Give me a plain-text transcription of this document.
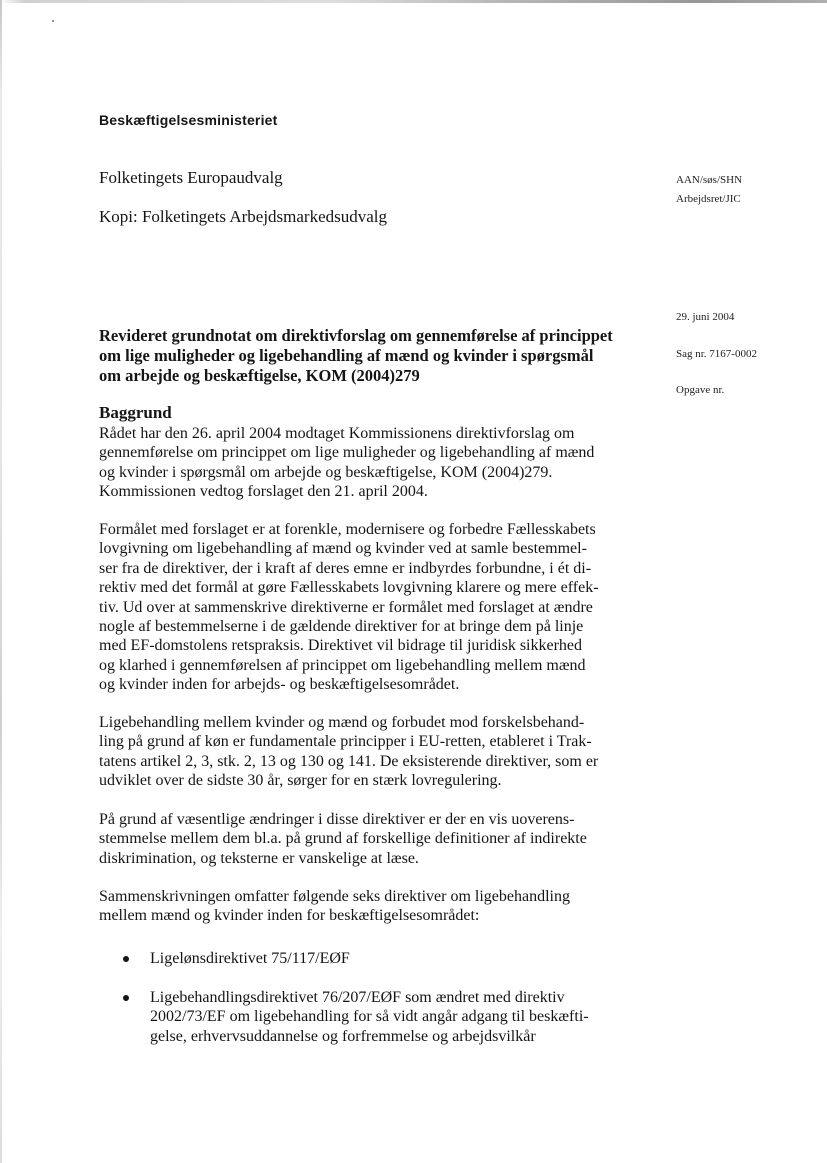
Beskæftigelsesministeriet
Folketingets Europaudvalg
Kopi: Folketingets Arbejdsmarkedsudvalg
AAN/søs/SHN
Arbejdsret/JIC
29. juni 2004
Sag nr. 7167-0002
Opgave nr.
Revideret grundnotat om direktivforslag om gennemførelse af princippet
om lige muligheder og ligebehandling af mænd og kvinder i spørgsmål
om arbejde og beskæftigelse, KOM (2004)279
Baggrund

Rådet har den 26. april 2004 modtaget Kommissionens direktivforslag om
gennemførelse om princippet om lige muligheder og ligebehandling af mænd
og kvinder i spørgsmål om arbejde og beskæftigelse, KOM (2004)279.
Kommissionen vedtog forslaget den 21. april 2004.

Formålet med forslaget er at forenkle, modernisere og forbedre Fællesskabets
lovgivning om ligebehandling af mænd og kvinder ved at samle bestemmel-
ser fra de direktiver, der i kraft af deres emne er indbyrdes forbundne, i ét di-
rektiv med det formål at gøre Fællesskabets lovgivning klarere og mere effek-
tiv. Ud over at sammenskrive direktiverne er formålet med forslaget at ændre
nogle af bestemmelserne i de gældende direktiver for at bringe dem på linje
med EF-domstolens retspraksis. Direktivet vil bidrage til juridisk sikkerhed
og klarhed i gennemførelsen af princippet om ligebehandling mellem mænd
og kvinder inden for arbejds- og beskæftigelsesområdet.

Ligebehandling mellem kvinder og mænd og forbudet mod forskelsbehand-
ling på grund af køn er fundamentale principper i EU-retten, etableret i Trak-
tatens artikel 2, 3, stk. 2, 13 og 130 og 141. De eksisterende direktiver, som er
udviklet over de sidste 30 år, sørger for en stærk lovregulering.

På grund af væsentlige ændringer i disse direktiver er der en vis uoverens-
stemmelse mellem dem bl.a. på grund af forskellige definitioner af indirekte
diskrimination, og teksterne er vanskelige at læse.

Sammenskrivningen omfatter følgende seks direktiver om ligebehandling
mellem mænd og kvinder inden for beskæftigelsesområdet:

Ligelønsdirektivet 75/117/EØF
Ligebehandlingsdirektivet 76/207/EØF som ændret med direktiv
2002/73/EF om ligebehandling for så vidt angår adgang til beskæfti-
gelse, erhvervsuddannelse og forfremmelse og arbejdsvilkår
